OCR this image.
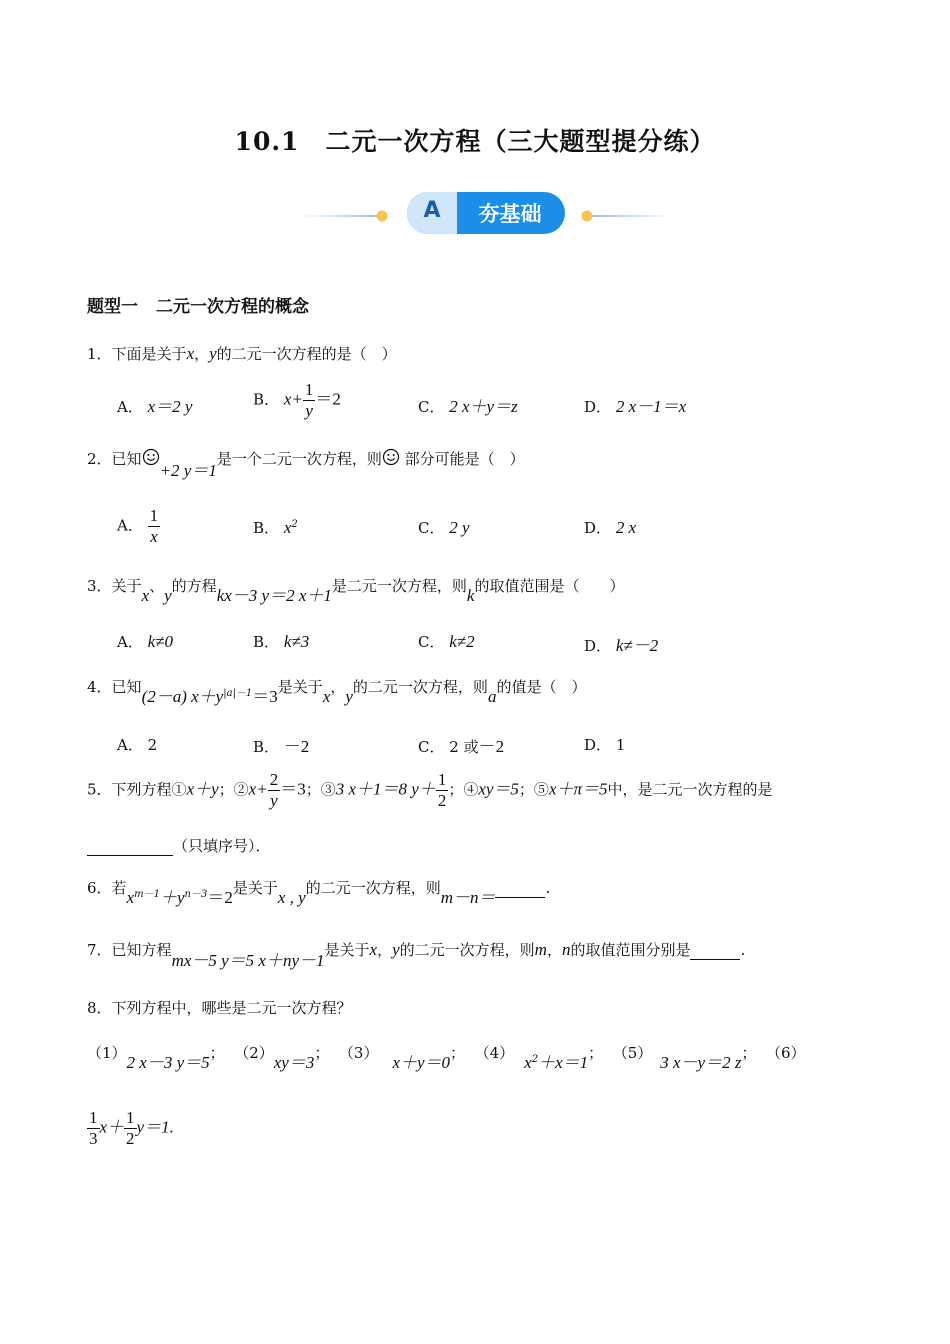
10.1 二元一次方程（三大题型提分练）
A	夯基础
题型一 二元一次方程的概念
1．下面是关于x，y的二元一次方程的是（　）
A． x＝2 y	B． $x+ \frac{1}{y} =2$	C． 2 x＋y＝z	D． 2 x－1＝x
2．已知+2 y＝1是一个二元一次方程，则 部分可能是（　）
A． $\frac{1}{x}$	B． $x^2$	C． 2 y	D． 2 x
3．关于x、y的方程kx－3 y＝2 x＋1是二元一次方程，则k的取值范围是（　　）
A． k≠0	B． k≠3	C． k≠2	D． k≠－2
4．已知(2－a) $x+y^{|a|-1}=3$是关于x，y的二元一次方程，则a的值是（　）
A． 2	B． －2	C． 2 或－2	D． 1
5．下列方程①x＋y；②x+ $\frac{2}{y} =3$；③3 x＋1＝8 $y+ \frac{1}{2}$ ；④xy＝5；⑤x＋π＝5中，是二元一次方程的是
（只填序号）．
6．若$x^{m-1}+y^{n-3}=2$是关于x , y的二元一次方程，则m－n＝	.
7．已知方程mx－5 y＝5 x＋ny－1是关于x，y的二元一次方程，则m，n的取值范围分别是	.
8．下列方程中，哪些是二元一次方程？
（1）2 x－3 y＝5； （2）xy＝3； （3） x＋y＝0； （4） $x^2+x=1$； （5） 3 x－y＝2 z； （6）
$\frac{1}{3} x+ \frac{1}{2} y=1$.
